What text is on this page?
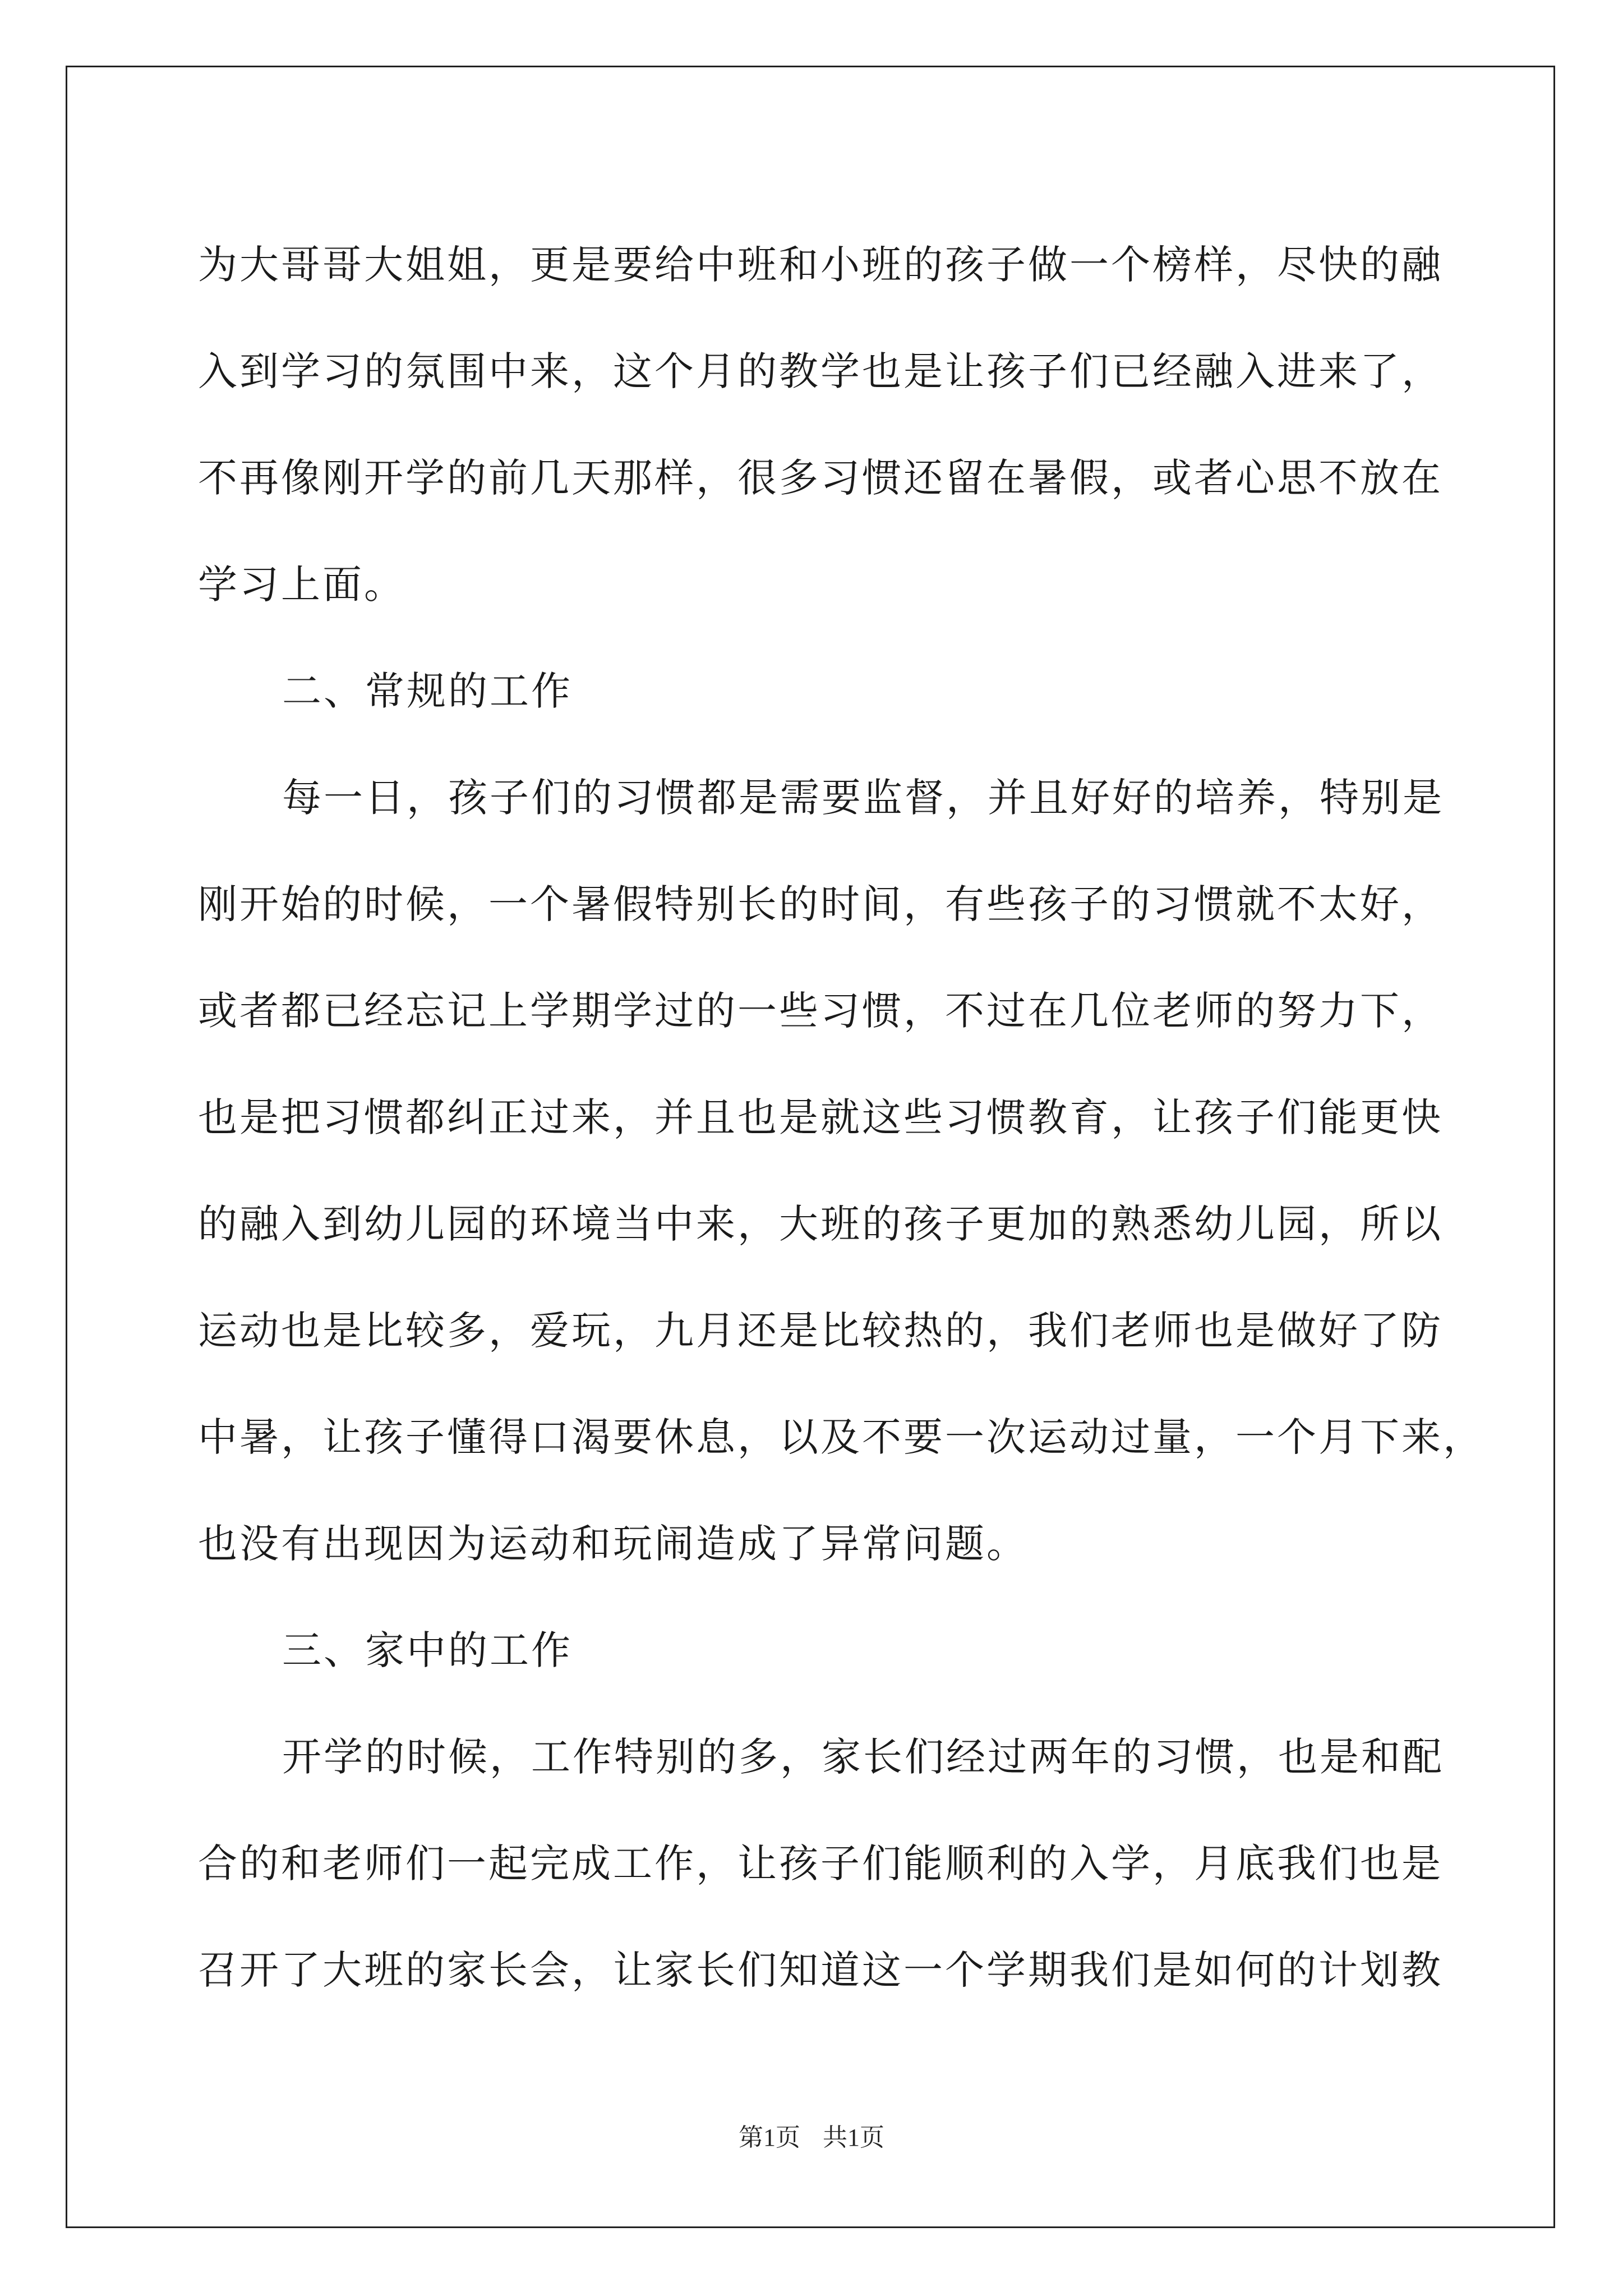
为大哥哥大姐姐，更是要给中班和小班的孩子做一个榜样，尽快的融
入到学习的氛围中来，这个月的教学也是让孩子们已经融入进来了，
不再像刚开学的前几天那样，很多习惯还留在暑假，或者心思不放在
学习上面。
二、常规的工作
每一日，孩子们的习惯都是需要监督，并且好好的培养，特别是
刚开始的时候，一个暑假特别长的时间，有些孩子的习惯就不太好，
或者都已经忘记上学期学过的一些习惯，不过在几位老师的努力下，
也是把习惯都纠正过来，并且也是就这些习惯教育，让孩子们能更快
的融入到幼儿园的环境当中来，大班的孩子更加的熟悉幼儿园，所以
运动也是比较多，爱玩，九月还是比较热的，我们老师也是做好了防
中暑，让孩子懂得口渴要休息，以及不要一次运动过量，一个月下来，
也没有出现因为运动和玩闹造成了异常问题。
三、家中的工作
开学的时候，工作特别的多，家长们经过两年的习惯，也是和配
合的和老师们一起完成工作，让孩子们能顺利的入学，月底我们也是
召开了大班的家长会，让家长们知道这一个学期我们是如何的计划教
第1页 共1页
